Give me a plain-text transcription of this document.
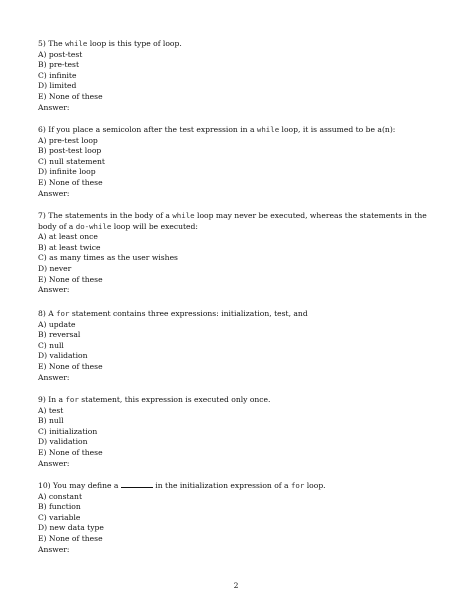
5) The while loop is this type of loop.
A) post-test
B) pre-test
C) infinite
D) limited
E) None of these
Answer:
6) If you place a semicolon after the test expression in a while loop, it is assumed to be a(n):
A) pre-test loop
B) post-test loop
C) null statement
D) infinite loop
E) None of these
Answer:
7) The statements in the body of a while loop may never be executed, whereas the statements in the
body of a do-while loop will be executed:
A) at least once
B) at least twice
C) as many times as the user wishes
D) never
E) None of these
Answer:
8) A for statement contains three expressions: initialization, test, and
A) update
B) reversal
C) null
D) validation
E) None of these
Answer:
9) In a for statement, this expression is executed only once.
A) test
B) null
C) initialization
D) validation
E) None of these
Answer:
10) You may define a	in the initialization expression of a for loop.
A) constant
B) function
C) variable
D) new data type
E) None of these
Answer:
2
